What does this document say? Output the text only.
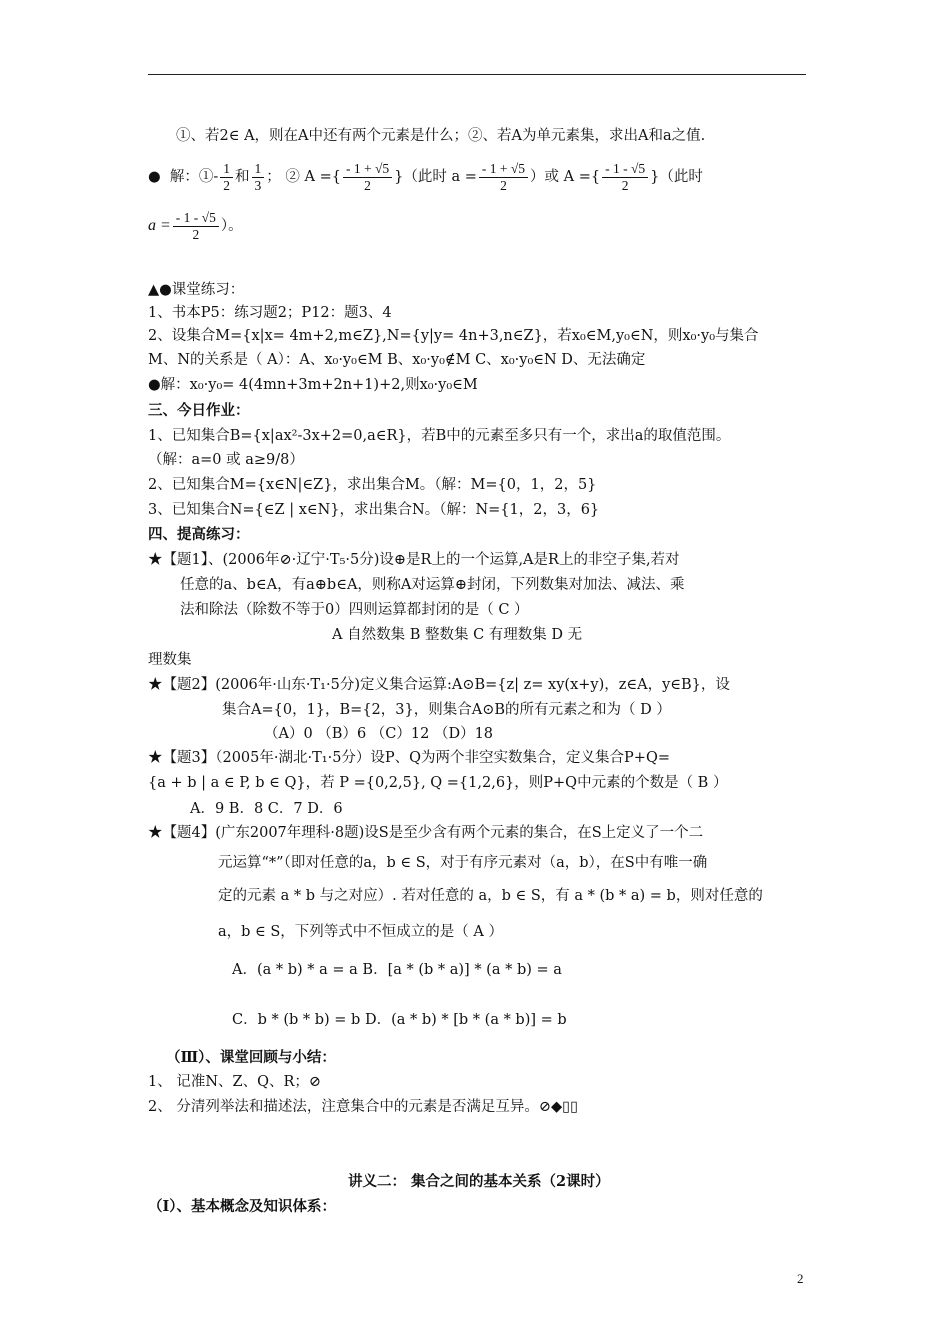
①、若2∈ A，则在A中还有两个元素是什么；②、若A为单元素集，求出A和a之值.
● 解：①- $\frac{1}{2}$ 和 $\frac{1}{3}$ ； ② A ={ $\frac{- 1 + √5}{2}$ }（此时 $a = \frac{- 1 + √5}{2}$ ）或 A ={ $\frac{- 1 - √5}{2}$ }（此时
$a = \frac{- 1 - √5}{2}$ ）。
▲●课堂练习：
1、书本P5：练习题2；P12：题3、4
2、设集合M={x|x= 4m+2,m∈Z},N={y|y= 4n+3,n∈Z}，若x₀∈M,y₀∈N，则x₀·y₀与集合
M、N的关系是（ A）：A、x₀·y₀∈M B、x₀·y₀∉M C、x₀·y₀∈N D、无法确定
●解：x₀·y₀= 4(4mn+3m+2n+1)+2,则x₀·y₀∈M
三、今日作业：
1、已知集合B={x|ax²-3x+2=0,a∈R}，若B中的元素至多只有一个，求出a的取值范围。
（解：a=0 或 a≥9/8）
2、已知集合M={x∈N|∈Z}，求出集合M。（解：M={0，1，2，5}
3、已知集合N={∈Z | x∈N}，求出集合N。（解：N={1，2，3，6}
四、提高练习：
★【题1】、(2006年⊘·辽宁·T₅·5分)设⊕是R上的一个运算,A是R上的非空子集,若对
任意的a、b∈A，有a⊕b∈A，则称A对运算⊕封闭，下列数集对加法、减法、乘
法和除法（除数不等于0）四则运算都封闭的是（ C ）
A 自然数集 B 整数集 C 有理数集 D 无
理数集
★【题2】(2006年·山东·T₁·5分)定义集合运算:A⊙B={z| z= xy(x+y)，z∈A，y∈B}，设
集合A={0，1}，B={2，3}，则集合A⊙B的所有元素之和为（ D ）
（A）0 （B）6 （C）12 （D）18
★【题3】（2005年·湖北·T₁·5分）设P、Q为两个非空实数集合，定义集合P+Q=
{a + b | a ∈ P, b ∈ Q}，若 P ={0,2,5}, Q ={1,2,6}，则P+Q中元素的个数是（ B ）
A．9 B．8 C．7 D．6
★【题4】(广东2007年理科·8题)设S是至少含有两个元素的集合，在S上定义了一个二
元运算“*”（即对任意的a，b ∈ S，对于有序元素对（a，b），在S中有唯一确
定的元素 a * b 与之对应）. 若对任意的 a，b ∈ S，有 a * (b * a) = b，则对任意的
a，b ∈ S，下列等式中不恒成立的是（ A ）
A．(a * b) * a = a B．[a * (b * a)] * (a * b) = a
C．b * (b * b) = b D．(a * b) * [b * (a * b)] = b
（Ⅲ）、课堂回顾与小结：
1、 记准N、Z、Q、R；⊘
2、 分清列举法和描述法，注意集合中的元素是否满足互异。⊘◆▯▯
讲义二： 集合之间的基本关系（2课时）
（Ⅰ）、基本概念及知识体系：
2
